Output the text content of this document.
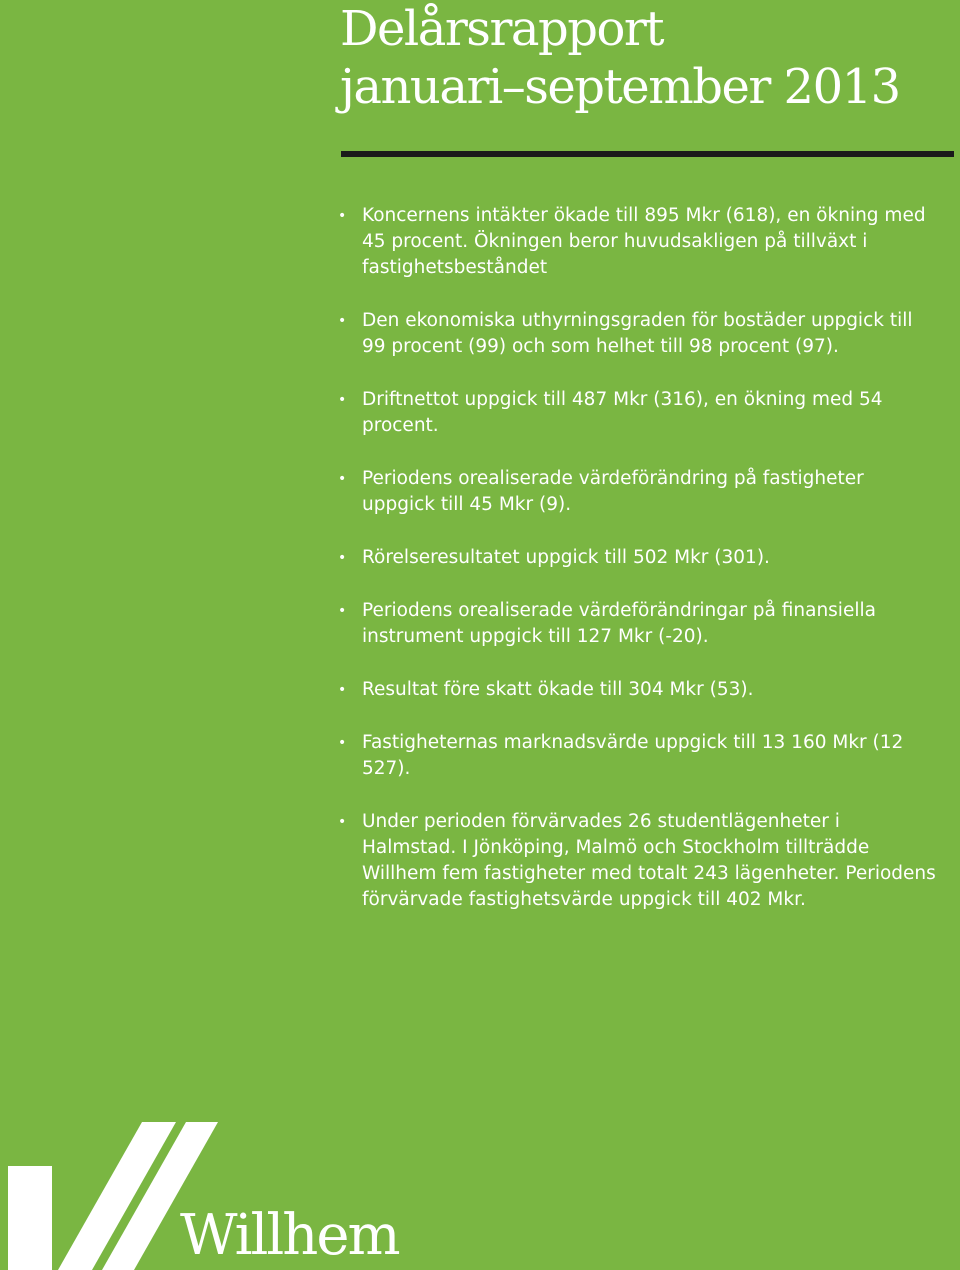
Delårsrapport
januari–september 2013
• Koncernens intäkter ökade till 895 Mkr (618), en ökning med 45 procent. Ökningen beror huvudsakligen på tillväxt i fastighetsbeståndet
• Den ekonomiska uthyrningsgraden för bostäder uppgick till 99 procent (99) och som helhet till 98 procent (97).
• Driftnettot uppgick till 487 Mkr (316), en ökning med 54 procent.
• Periodens orealiserade värdeförändring på fastigheter uppgick till 45 Mkr (9).
• Rörelseresultatet uppgick till 502 Mkr (301).
• Periodens orealiserade värdeförändringar på finansiella instrument uppgick till 127 Mkr (-20).
• Resultat före skatt ökade till 304 Mkr (53).
• Fastigheternas marknadsvärde uppgick till 13 160 Mkr (12 527).
• Under perioden förvärvades 26 studentlägenheter i Halmstad. I Jönköping, Malmö och Stockholm tillträdde Willhem fem fastigheter med totalt 243 lägenheter. Periodens förvärvade fastighetsvärde uppgick till 402 Mkr.
Willhem
